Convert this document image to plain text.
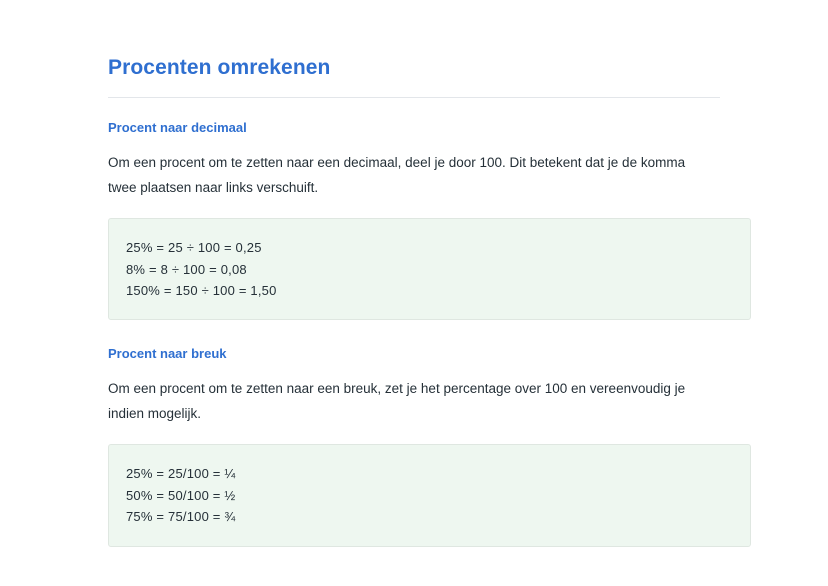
Procenten omrekenen
Procent naar decimaal

Om een procent om te zetten naar een decimaal, deel je door 100. Dit betekent dat je de komma twee plaatsen naar links verschuift.

25% = 25 ÷ 100 = 0,25
8% = 8 ÷ 100 = 0,08
150% = 150 ÷ 100 = 1,50
Procent naar breuk

Om een procent om te zetten naar een breuk, zet je het percentage over 100 en vereenvoudig je indien mogelijk.

25% = 25/100 = ¼
50% = 50/100 = ½
75% = 75/100 = ¾
